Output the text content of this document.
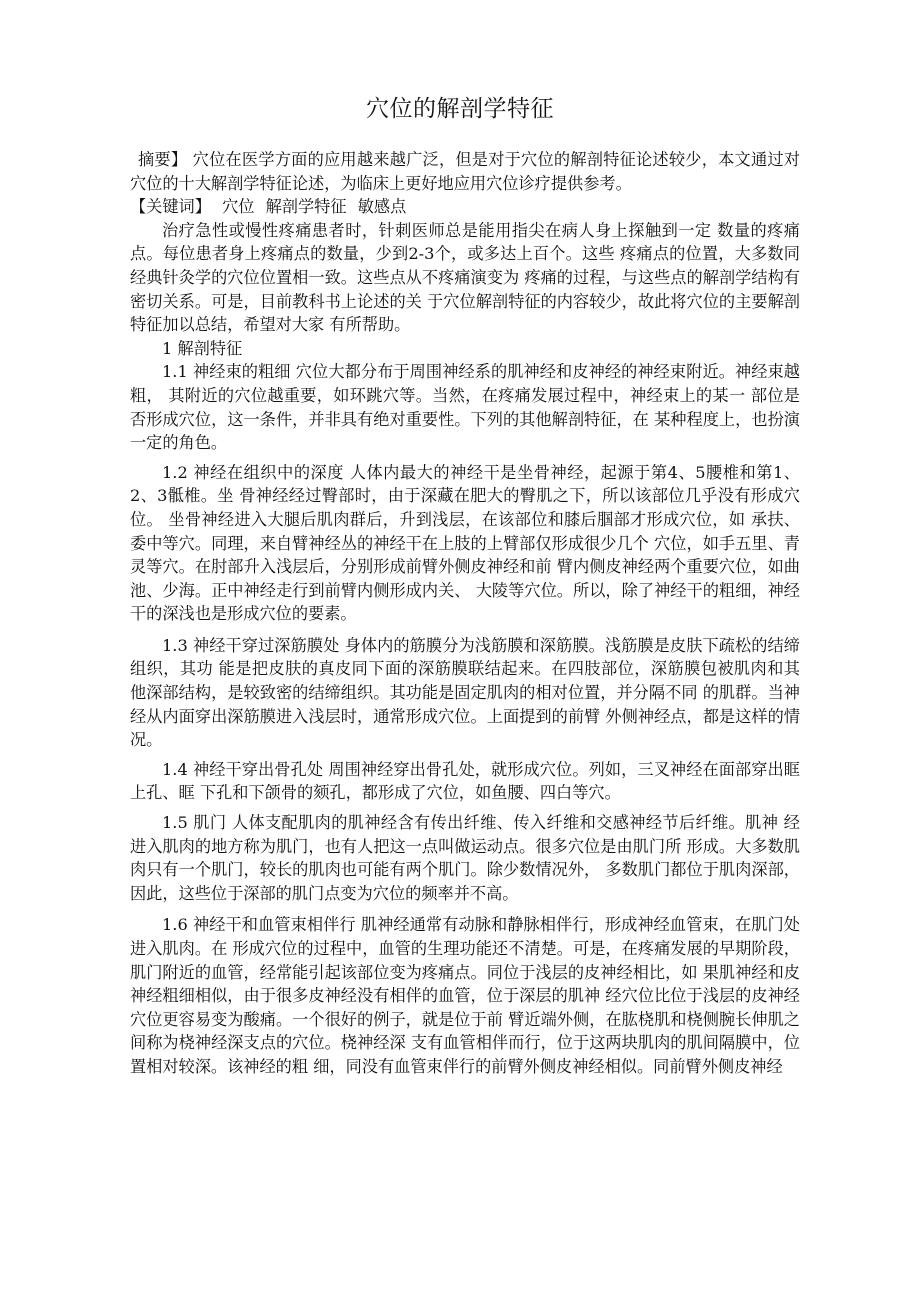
穴位的解剖学特征

摘要】 穴位在医学方面的应用越来越广泛，但是对于穴位的解剖特征论述较少，本文通过对穴位的十大解剖学特征论述，为临床上更好地应用穴位诊疗提供参考。

【关键词】 穴位 解剖学特征 敏感点

治疗急性或慢性疼痛患者时，针刺医师总是能用指尖在病人身上探触到一定 数量的疼痛点。每位患者身上疼痛点的数量，少到2-3个，或多达上百个。这些 疼痛点的位置，大多数同经典针灸学的穴位位置相一致。这些点从不疼痛演变为 疼痛的过程，与这些点的解剖学结构有密切关系。可是，目前教科书上论述的关 于穴位解剖特征的内容较少，故此将穴位的主要解剖特征加以总结，希望对大家 有所帮助。

1 解剖特征

1.1 神经束的粗细 穴位大都分布于周围神经系的肌神经和皮神经的神经束附近。神经束越粗， 其附近的穴位越重要，如环跳穴等。当然，在疼痛发展过程中，神经束上的某一 部位是否形成穴位，这一条件，并非具有绝对重要性。下列的其他解剖特征，在 某种程度上，也扮演一定的角色。

1.2 神经在组织中的深度 人体内最大的神经干是坐骨神经，起源于第4、5腰椎和第1、2、3骶椎。坐 骨神经经过臀部时，由于深藏在肥大的臀肌之下，所以该部位几乎没有形成穴位。 坐骨神经进入大腿后肌肉群后，升到浅层，在该部位和膝后腘部才形成穴位，如 承扶、委中等穴。同理，来自臂神经丛的神经干在上肢的上臂部仅形成很少几个 穴位，如手五里、青灵等穴。在肘部升入浅层后，分别形成前臂外侧皮神经和前 臂内侧皮神经两个重要穴位，如曲池、少海。正中神经走行到前臂内侧形成内关、 大陵等穴位。所以，除了神经干的粗细，神经干的深浅也是形成穴位的要素。

1.3 神经干穿过深筋膜处 身体内的筋膜分为浅筋膜和深筋膜。浅筋膜是皮肤下疏松的结缔组织，其功 能是把皮肤的真皮同下面的深筋膜联结起来。在四肢部位，深筋膜包被肌肉和其 他深部结构，是较致密的结缔组织。其功能是固定肌肉的相对位置，并分隔不同 的肌群。当神经从内面穿出深筋膜进入浅层时，通常形成穴位。上面提到的前臂 外侧神经点，都是这样的情况。

1.4 神经干穿出骨孔处 周围神经穿出骨孔处，就形成穴位。列如，三叉神经在面部穿出眶上孔、眶 下孔和下颌骨的颏孔，都形成了穴位，如鱼腰、四白等穴。

1.5 肌门 人体支配肌肉的肌神经含有传出纤维、传入纤维和交感神经节后纤维。肌神 经进入肌肉的地方称为肌门，也有人把这一点叫做运动点。很多穴位是由肌门所 形成。大多数肌肉只有一个肌门，较长的肌肉也可能有两个肌门。除少数情况外， 多数肌门都位于肌肉深部，因此，这些位于深部的肌门点变为穴位的频率并不高。

1.6 神经干和血管束相伴行 肌神经通常有动脉和静脉相伴行，形成神经血管束，在肌门处进入肌肉。在 形成穴位的过程中，血管的生理功能还不清楚。可是，在疼痛发展的早期阶段， 肌门附近的血管，经常能引起该部位变为疼痛点。同位于浅层的皮神经相比，如 果肌神经和皮神经粗细相似，由于很多皮神经没有相伴的血管，位于深层的肌神 经穴位比位于浅层的皮神经穴位更容易变为酸痛。一个很好的例子，就是位于前 臂近端外侧，在肱桡肌和桡侧腕长伸肌之间称为桡神经深支点的穴位。桡神经深 支有血管相伴而行，位于这两块肌肉的肌间隔膜中，位置相对较深。该神经的粗 细，同没有血管束伴行的前臂外侧皮神经相似。同前臂外侧皮神经
